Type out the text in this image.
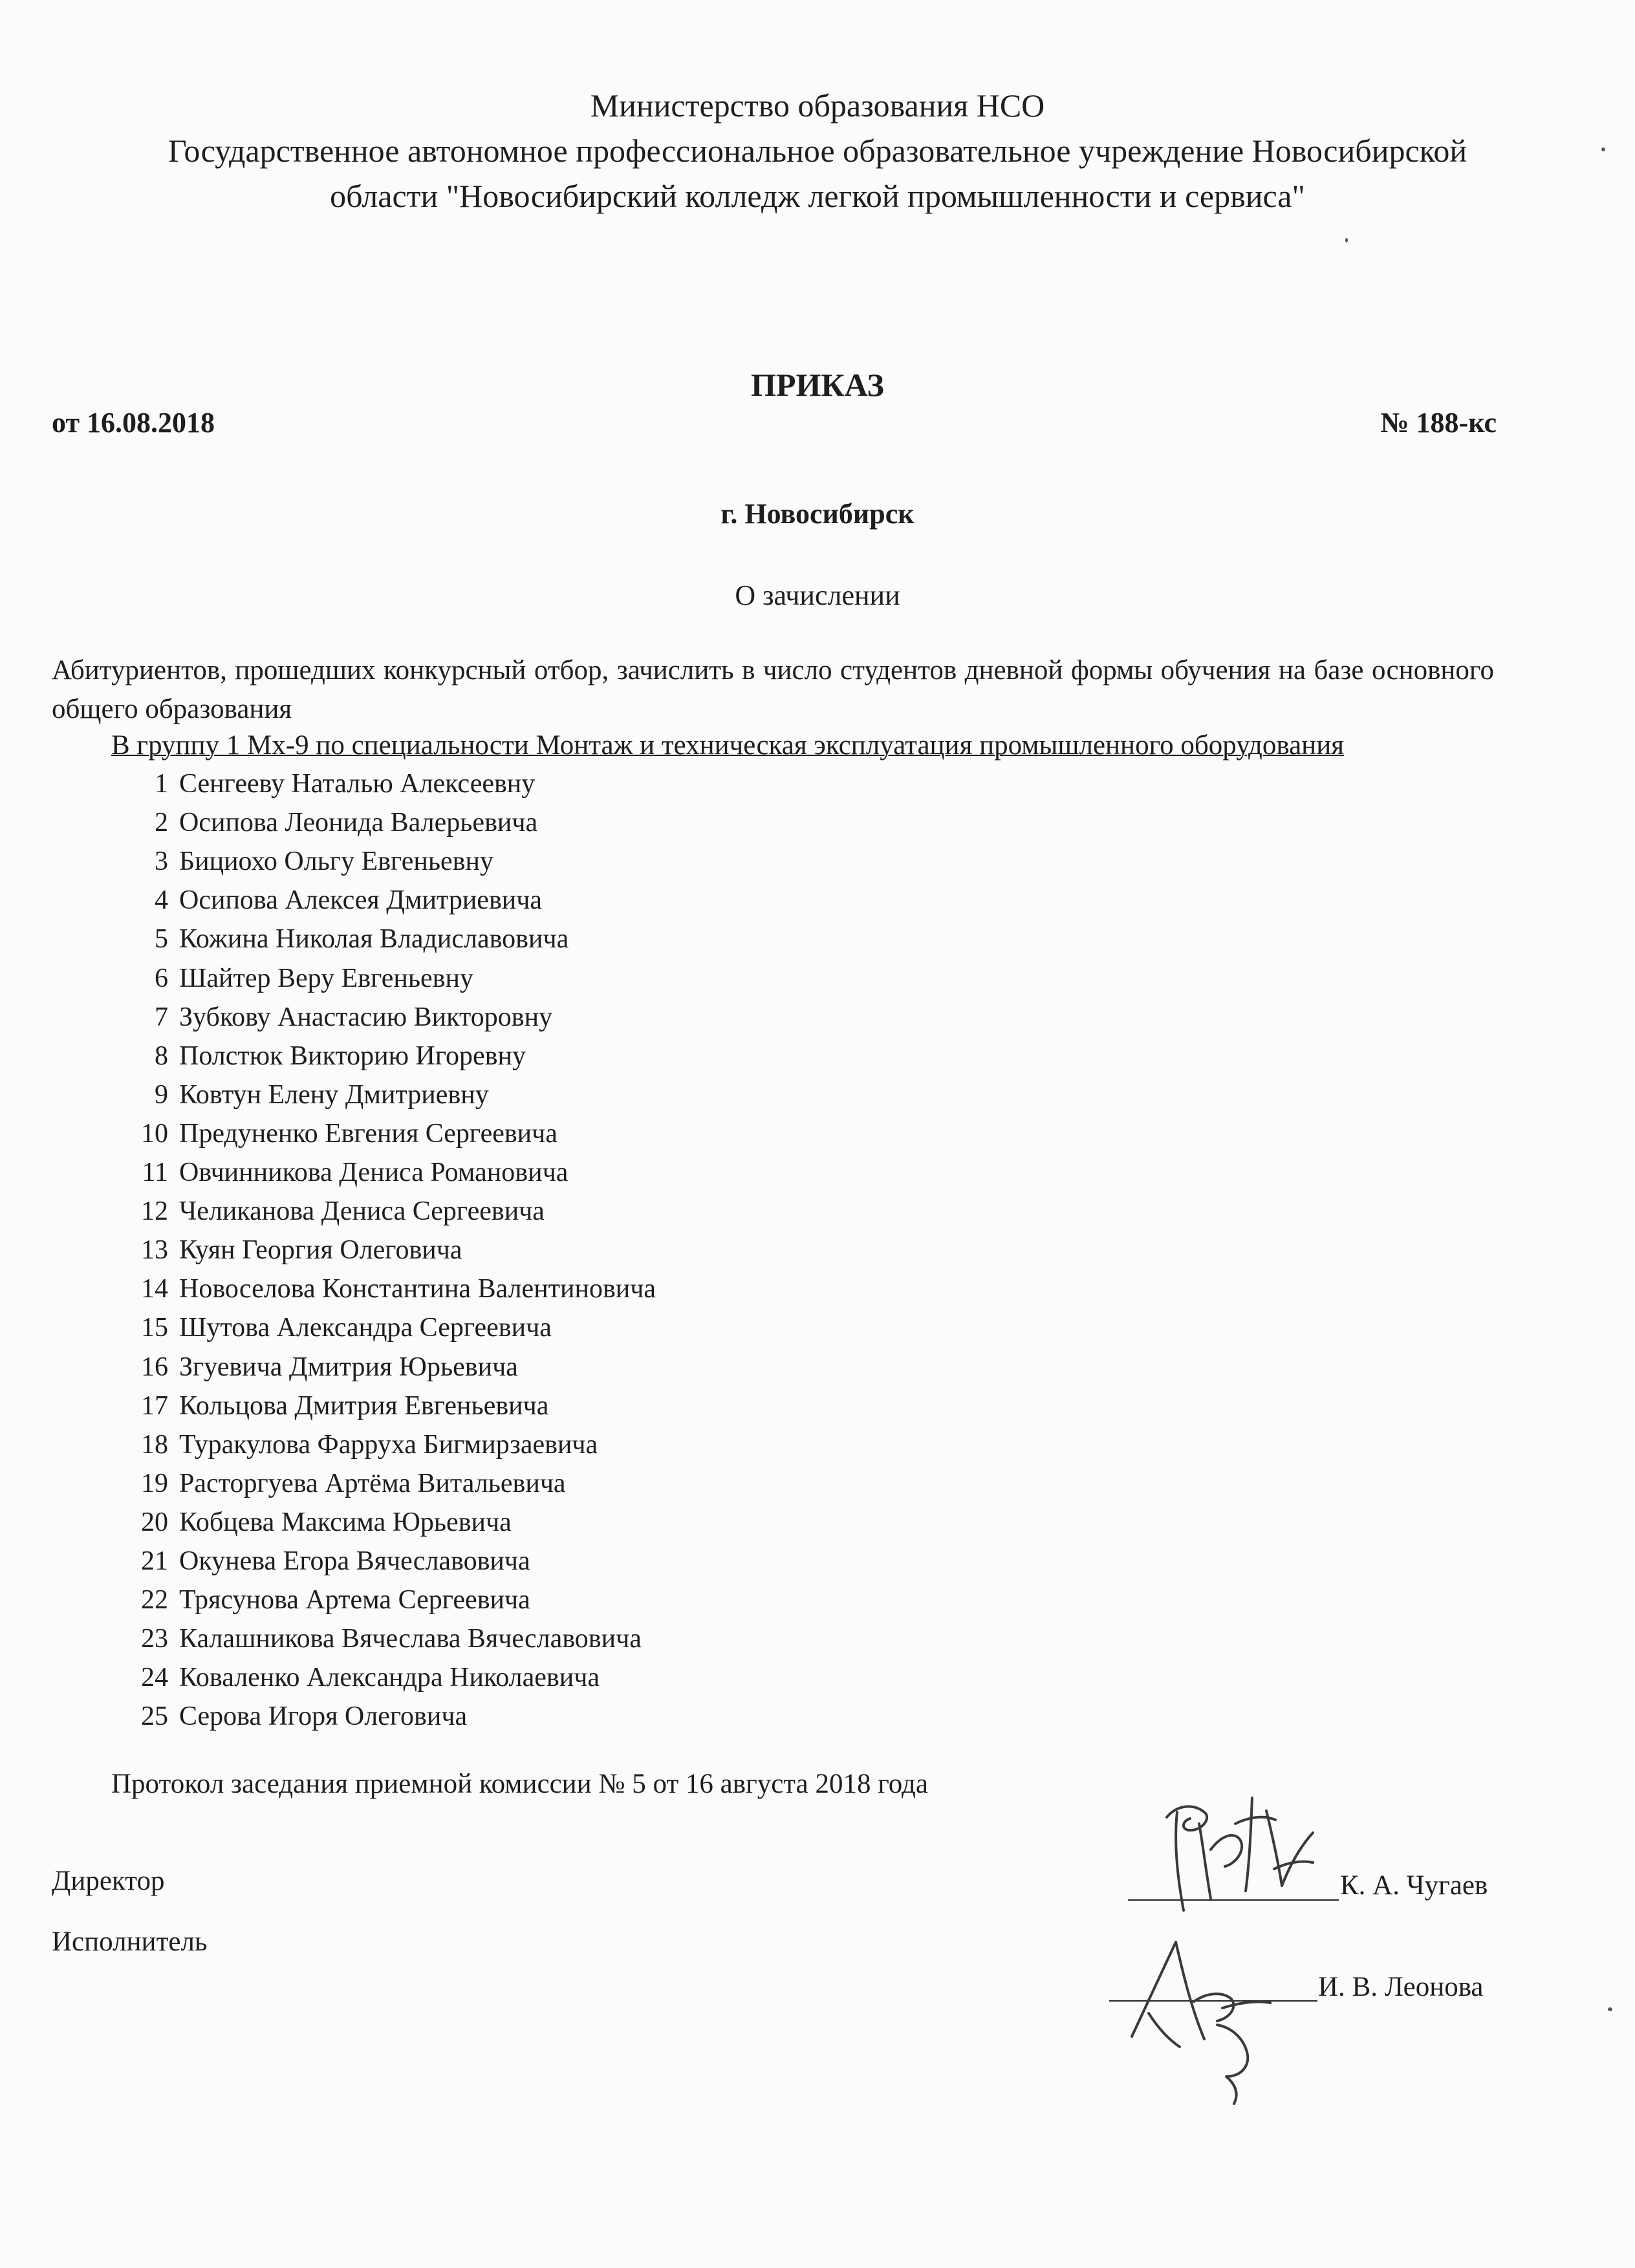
Министерство образования НСО
Государственное автономное профессиональное образовательное учреждение Новосибирской
области "Новосибирский колледж легкой промышленности и сервиса"
ПРИКАЗ
от 16.08.2018	№ 188-кс
г. Новосибирск
О зачислении
Абитуриентов, прошедших конкурсный отбор, зачислить в число студентов дневной формы обучения на базе основного общего образования
В группу 1 Мх-9 по специальности Монтаж и техническая эксплуатация промышленного оборудования
1 Сенгееву Наталью Алексеевну
2 Осипова Леонида Валерьевича
3 Бициохо Ольгу Евгеньевну
4 Осипова Алексея Дмитриевича
5 Кожина Николая Владиславовича
6 Шайтер Веру Евгеньевну
7 Зубкову Анастасию Викторовну
8 Полстюк Викторию Игоревну
9 Ковтун Елену Дмитриевну
10 Предуненко Евгения Сергеевича
11 Овчинникова Дениса Романовича
12 Челиканова Дениса Сергеевича
13 Куян Георгия Олеговича
14 Новоселова Константина Валентиновича
15 Шутова Александра Сергеевича
16 Згуевича Дмитрия Юрьевича
17 Кольцова Дмитрия Евгеньевича
18 Туракулова Фарруха Бигмирзаевича
19 Расторгуева Артёма Витальевича
20 Кобцева Максима Юрьевича
21 Окунева Егора Вячеславовича
22 Трясунова Артема Сергеевича
23 Калашникова Вячеслава Вячеславовича
24 Коваленко Александра Николаевича
25 Серова Игоря Олеговича
Протокол заседания приемной комиссии № 5 от 16 августа 2018 года
Директор	К. А. Чугаев
Исполнитель
И. В. Леонова
